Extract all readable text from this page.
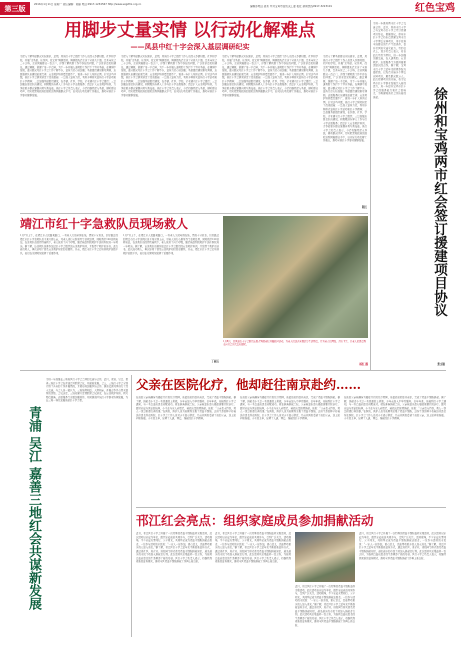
第三版	2016年1月11日 星期一 责任编辑：胡丽 电话:0917-1234567 http://www.sxgzfzx.org.cn
编辑部电话 美术 中共宝鸡市直机关工委 报社 新闻热线0917-3223101	红色宝鸡
用脚步丈量实情 以行动化解难点
——凤县中红十字会深入基层调研纪实
为深入了解基层群众实际需求，近期，凤县红十字会组织工作人员深入乡镇村组、社区和学校，开展“走基层、转作风、改文风”调研活动。调研组先后走访了全县九个镇，召开座谈会二十余场，走访困难群众一百余户，详细了解救助工作中存在的问题，广泛征求意见和建议。通过调研，掌握了第一手资料，为下一步开展人道救助工作打下了坚实基础。在调研中发现，部分群众对红十字会工作了解不多，宣传力度有待加强；基层组织建设相对薄弱，志愿服务队伍建设亟需完善；应急救护培训覆盖面不广，需进一步扩大培训范围。针对这些问题，县红十字会研究制定了改进措施：一是加大宣传力度，利用多种形式宣传红十字运动和红十字精神；二是加强基层组织建设，在乡镇、社区、学校、企业建立红十字会组织；三是加强志愿者队伍建设，积极吸纳各界人士参与红十字志愿服务；四是扩大应急救护培训，力争使更多群众掌握自救互救技能。县红十字会负责人表示，今后将继续深入基层，倾听群众呼声，切实把党和政府的温暖送到困难群众手中，以实际行动化解工作难点，推动全县红十字事业健康发展。
为深入了解基层群众实际需求，近期，凤县红十字会组织工作人员深入乡镇村组、社区和学校，开展“走基层、转作风、改文风”调研活动。调研组先后走访了全县九个镇，召开座谈会二十余场，走访困难群众一百余户，详细了解救助工作中存在的问题，广泛征求意见和建议。通过调研，掌握了第一手资料，为下一步开展人道救助工作打下了坚实基础。在调研中发现，部分群众对红十字会工作了解不多，宣传力度有待加强；基层组织建设相对薄弱，志愿服务队伍建设亟需完善；应急救护培训覆盖面不广，需进一步扩大培训范围。针对这些问题，县红十字会研究制定了改进措施：一是加大宣传力度，利用多种形式宣传红十字运动和红十字精神；二是加强基层组织建设，在乡镇、社区、学校、企业建立红十字会组织；三是加强志愿者队伍建设，积极吸纳各界人士参与红十字志愿服务；四是扩大应急救护培训，力争使更多群众掌握自救互救技能。县红十字会负责人表示，今后将继续深入基层，倾听群众呼声，切实把党和政府的温暖送到困难群众手中，以实际行动化解工作难点，推动全县红十字事业健康发展。
为深入了解基层群众实际需求，近期，凤县红十字会组织工作人员深入乡镇村组、社区和学校，开展“走基层、转作风、改文风”调研活动。调研组先后走访了全县九个镇，召开座谈会二十余场，走访困难群众一百余户，详细了解救助工作中存在的问题，广泛征求意见和建议。通过调研，掌握了第一手资料，为下一步开展人道救助工作打下了坚实基础。在调研中发现，部分群众对红十字会工作了解不多，宣传力度有待加强；基层组织建设相对薄弱，志愿服务队伍建设亟需完善；应急救护培训覆盖面不广，需进一步扩大培训范围。针对这些问题，县红十字会研究制定了改进措施：一是加大宣传力度，利用多种形式宣传红十字运动和红十字精神；二是加强基层组织建设，在乡镇、社区、学校、企业建立红十字会组织；三是加强志愿者队伍建设，积极吸纳各界人士参与红十字志愿服务；四是扩大应急救护培训，力争使更多群众掌握自救互救技能。县红十字会负责人表示，今后将继续深入基层，倾听群众呼声，切实把党和政府的温暖送到困难群众手中，以实际行动化解工作难点，推动全县红十字事业健康发展。
为深入了解基层群众实际需求，近期，凤县红十字会组织工作人员深入乡镇村组、社区和学校，开展“走基层、转作风、改文风”调研活动。调研组先后走访了全县九个镇，召开座谈会二十余场，走访困难群众一百余户，详细了解救助工作中存在的问题，广泛征求意见和建议。通过调研，掌握了第一手资料，为下一步开展人道救助工作打下了坚实基础。在调研中发现，部分群众对红十字会工作了解不多，宣传力度有待加强；基层组织建设相对薄弱，志愿服务队伍建设亟需完善；应急救护培训覆盖面不广，需进一步扩大培训范围。针对这些问题，县红十字会研究制定了改进措施：一是加大宣传力度，利用多种形式宣传红十字运动和红十字精神；二是加强基层组织建设，在乡镇、社区、学校、企业建立红十字会组织；三是加强志愿者队伍建设，积极吸纳各界人士参与红十字志愿服务；四是扩大应急救护培训，力争使更多群众掌握自救互救技能。县红十字会负责人表示，今后将继续深入基层，倾听群众呼声，切实把党和政府的温暖送到困难群众手中，以实际行动化解工作难点，推动全县红十字事业健康发展。
陈红
为进一步推进两市红十字会交流合作，近日，徐州市红十字会与宝鸡市红十字会签订援建项目协议。根据协议，徐州市红十字会将出资援建宝鸡市红十字博爱家园项目，用于改善当地群众的生产生活条件，提升社区防灾减灾能力。签约仪式上，双方负责人表示，将以此次签约为契机，进一步加强沟通交流，在人道救助、应急救护、志愿服务等方面开展更深层次的合作。据了解，宝鸡市红十字会近年来积极争取外部援助，已先后实施多个博爱家园项目，惠及群众数万人。此次援建项目的实施，将为宝鸡市红十字事业发展注入新的活力，进一步提升宝鸡市红十字会的服务能力和社会影响力，为构建和谐社会作出新的贡献。	徐州和宝鸡两市红会签订援建项目协议
张文敏
靖江市红十字急救队员现场救人
1月7日上午，在靖江市人民路某路口，一名老人突然晕倒在地，情况十分危急。恰好路过的靖江市红十字急救队员王某立即上前，对老人进行心肺复苏等急救处置，同时拨打120急救电话。在急救队员的持续施救下，老人恢复了自主呼吸，随后被赶到的救护车送往医院进一步救治。据了解，该急救队员曾参加过红十字会组织的应急救护培训，并取得了救护员证书。此次成功救人，再次证明了普及应急救护知识的重要性。目前，靖江市红十字会已培训救护员数千名，他们在关键时刻发挥了重要作用。
1月7日上午，在靖江市人民路某路口，一名老人突然晕倒在地，情况十分危急。恰好路过的靖江市红十字急救队员王某立即上前，对老人进行心肺复苏等急救处置，同时拨打120急救电话。在急救队员的持续施救下，老人恢复了自主呼吸，随后被赶到的救护车送往医院进一步救治。据了解，该急救队员曾参加过红十字会组织的应急救护培训，并取得了救护员证书。此次成功救人，再次证明了普及应急救护知识的重要性。目前，靖江市红十字会已培训救护员数千名，他们在关键时刻发挥了重要作用。
丁丽云
1月8日，扶风县红十字会组织志愿者到敬老院开展慰问活动，为老人们送去米面油等生活物资，并为老人们理发、打扫卫生，让老人们感受到来自社会的关爱和温暖。
杨红 摄
青浦 吴江 嘉善三地红会共谋新发展
为进一步加强长三角地区红十字会之间的交流与合作，近日，青浦、吴江、嘉善三地红十字会在青浦召开联席会议，共谋新发展。会上，三地红十字会分别介绍了各自的工作开展情况，并就如何加强区域合作、推进资源共享进行了深入交流。与会人员一致认为，三地地缘相近、人缘相亲，开展合作具有得天独厚的优势。会议决定，三地将建立定期联席会议制度，在应急救护培训、救灾物资储备、志愿服务等方面加强协作，共同推进区域红十字事业协调发展，为长三角一体化发展贡献红十字力量。
父亲在医院化疗，他却赶往南京赴约……
在他的父亲被确诊为癌症并住院化疗期间，他依然如约赶往南京，完成了造血干细胞捐献。据了解，捐献者小王是一名普通的上班族，多年前加入中华骨髓库。去年年底，他接到红十字会通知，与一名白血病患者初配成功。就在准备捐献之际，父亲被查出患有癌症需要住院治疗。面对家庭与承诺的抉择，小王在与家人商量后，毅然决定按期捐献。他说：“父亲也支持我，救人一命是积德行善的事。”在医院，医护人员为他顺利采集了造血干细胞，这份生命的种子将被送往患者所在医院。红十字会工作人员对小王表示敬意，并前往医院看望了他的父亲，送上慰问和祝福。小王的义举，诠释了人道、博爱、奉献的红十字精神。
在他的父亲被确诊为癌症并住院化疗期间，他依然如约赶往南京，完成了造血干细胞捐献。据了解，捐献者小王是一名普通的上班族，多年前加入中华骨髓库。去年年底，他接到红十字会通知，与一名白血病患者初配成功。就在准备捐献之际，父亲被查出患有癌症需要住院治疗。面对家庭与承诺的抉择，小王在与家人商量后，毅然决定按期捐献。他说：“父亲也支持我，救人一命是积德行善的事。”在医院，医护人员为他顺利采集了造血干细胞，这份生命的种子将被送往患者所在医院。红十字会工作人员对小王表示敬意，并前往医院看望了他的父亲，送上慰问和祝福。小王的义举，诠释了人道、博爱、奉献的红十字精神。
在他的父亲被确诊为癌症并住院化疗期间，他依然如约赶往南京，完成了造血干细胞捐献。据了解，捐献者小王是一名普通的上班族，多年前加入中华骨髓库。去年年底，他接到红十字会通知，与一名白血病患者初配成功。就在准备捐献之际，父亲被查出患有癌症需要住院治疗。面对家庭与承诺的抉择，小王在与家人商量后，毅然决定按期捐献。他说：“父亲也支持我，救人一命是积德行善的事。”在医院，医护人员为他顺利采集了造血干细胞，这份生命的种子将被送往患者所在医院。红十字会工作人员对小王表示敬意，并前往医院看望了他的父亲，送上慰问和祝福。小王的义举，诠释了人道、博爱、奉献的红十字精神。
邗江红会亮点：组织家庭成员参加捐献活动
近日，邗江区红十字会开展了一次特殊的造血干细胞血样采集活动，此次活动以家庭为单位，组织家庭成员共同参与，受到广泛关注。活动现场，不少家庭夫妻同行、父子同来，共同登记成为造血干细胞捐献志愿者。一位参与活动的市民说：“一家人一起参加，更有意义，也能带动更多的人加入进来。”据了解，邗江区红十字会近年来不断创新宣传方式，通过进社区、进企业、进校园等形式普及造血干细胞捐献知识，越来越多的市民主动加入捐献者行列。此次活动共采集血样一百余份，为挽救白血病患者的生命增添了新的希望。区红十字会负责人表示，将继续探索新的宣传模式，推动全区造血干细胞捐献工作再上新台阶。
近日，邗江区红十字会开展了一次特殊的造血干细胞血样采集活动，此次活动以家庭为单位，组织家庭成员共同参与，受到广泛关注。活动现场，不少家庭夫妻同行、父子同来，共同登记成为造血干细胞捐献志愿者。一位参与活动的市民说：“一家人一起参加，更有意义，也能带动更多的人加入进来。”据了解，邗江区红十字会近年来不断创新宣传方式，通过进社区、进企业、进校园等形式普及造血干细胞捐献知识，越来越多的市民主动加入捐献者行列。此次活动共采集血样一百余份，为挽救白血病患者的生命增添了新的希望。区红十字会负责人表示，将继续探索新的宣传模式，推动全区造血干细胞捐献工作再上新台阶。
近日，邗江区红十字会开展了一次特殊的造血干细胞血样采集活动，此次活动以家庭为单位，组织家庭成员共同参与，受到广泛关注。活动现场，不少家庭夫妻同行、父子同来，共同登记成为造血干细胞捐献志愿者。一位参与活动的市民说：“一家人一起参加，更有意义，也能带动更多的人加入进来。”据了解，邗江区红十字会近年来不断创新宣传方式，通过进社区、进企业、进校园等形式普及造血干细胞捐献知识，越来越多的市民主动加入捐献者行列。此次活动共采集血样一百余份，为挽救白血病患者的生命增添了新的希望。区红十字会负责人表示，将继续探索新的宣传模式，推动全区造血干细胞捐献工作再上新台阶。
近日，邗江区红十字会开展了一次特殊的造血干细胞血样采集活动，此次活动以家庭为单位，组织家庭成员共同参与，受到广泛关注。活动现场，不少家庭夫妻同行、父子同来，共同登记成为造血干细胞捐献志愿者。一位参与活动的市民说：“一家人一起参加，更有意义，也能带动更多的人加入进来。”据了解，邗江区红十字会近年来不断创新宣传方式，通过进社区、进企业、进校园等形式普及造血干细胞捐献知识，越来越多的市民主动加入捐献者行列。此次活动共采集血样一百余份，为挽救白血病患者的生命增添了新的希望。区红十字会负责人表示，将继续探索新的宣传模式，推动全区造血干细胞捐献工作再上新台阶。
